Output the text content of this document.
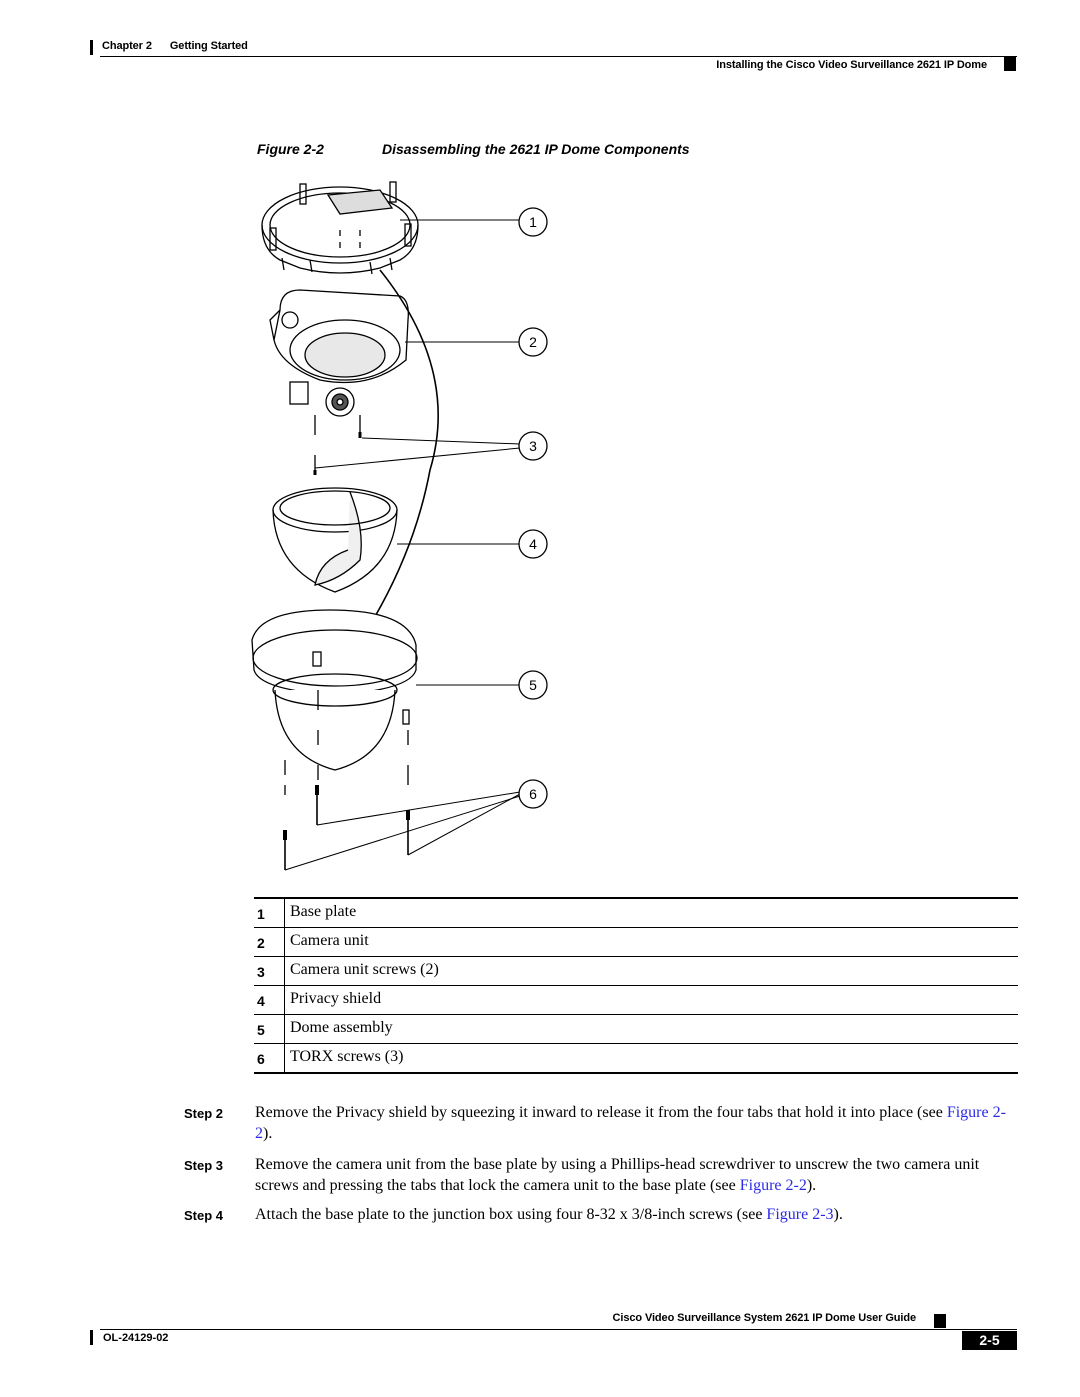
Chapter 2 Getting Started
Installing the Cisco Video Surveillance 2621 IP Dome
Figure 2-2	Disassembling the 2621 IP Dome Components
1
2
3
4
5
6
1 Base plate
2 Camera unit
3 Camera unit screws (2)
4 Privacy shield
5 Dome assembly
6 TORX screws (3)
Step 2 Remove the Privacy shield by squeezing it inward to release it from the four tabs that hold it into place (see Figure 2-2).
Step 3 Remove the camera unit from the base plate by using a Phillips-head screwdriver to unscrew the two camera unit screws and pressing the tabs that lock the camera unit to the base plate (see Figure 2-2).
Step 4 Attach the base plate to the junction box using four 8-32 x 3/8-inch screws (see Figure 2-3).
Cisco Video Surveillance System 2621 IP Dome User Guide
OL-24129-02	2-5
